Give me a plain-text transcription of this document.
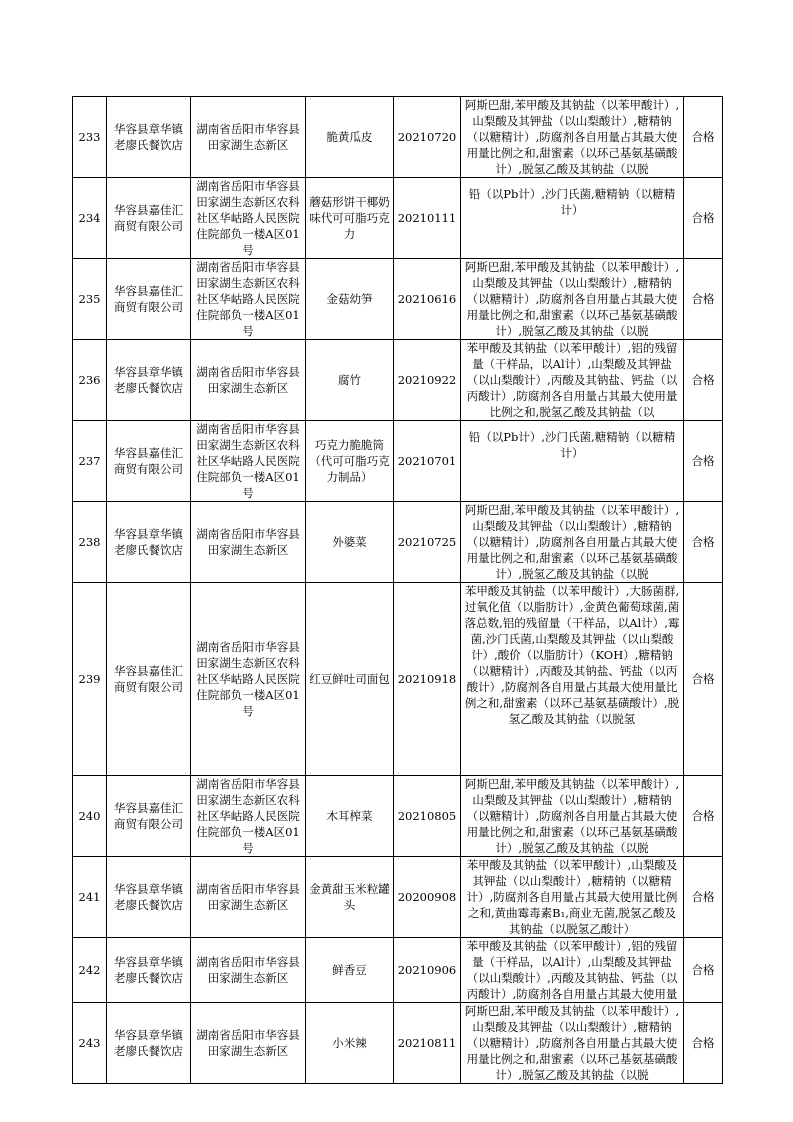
233	华容县章华镇老廖氏餐饮店	湖南省岳阳市华容县田家湖生态新区	脆黄瓜皮	20210720	阿斯巴甜,苯甲酸及其钠盐（以苯甲酸计）,山梨酸及其钾盐（以山梨酸计）,糖精钠（以糖精计）,防腐剂各自用量占其最大使用量比例之和,甜蜜素（以环己基氨基磺酸计）,脱氢乙酸及其钠盐（以脱	合格
234	华容县嘉佳汇商贸有限公司	湖南省岳阳市华容县田家湖生态新区农科社区华岵路人民医院住院部负一楼A区01号	蘑菇形饼干椰奶味代可可脂巧克力	20210111	铅（以Pb计）,沙门氏菌,糖精钠（以糖精计）	合格
235	华容县嘉佳汇商贸有限公司	湖南省岳阳市华容县田家湖生态新区农科社区华岵路人民医院住院部负一楼A区01号	金菇幼笋	20210616	阿斯巴甜,苯甲酸及其钠盐（以苯甲酸计）,山梨酸及其钾盐（以山梨酸计）,糖精钠（以糖精计）,防腐剂各自用量占其最大使用量比例之和,甜蜜素（以环己基氨基磺酸计）,脱氢乙酸及其钠盐（以脱	合格
236	华容县章华镇老廖氏餐饮店	湖南省岳阳市华容县田家湖生态新区	腐竹	20210922	苯甲酸及其钠盐（以苯甲酸计）,铝的残留量（干样品，以Al计）,山梨酸及其钾盐（以山梨酸计）,丙酸及其钠盐、钙盐（以丙酸计）,防腐剂各自用量占其最大使用量比例之和,脱氢乙酸及其钠盐（以	合格
237	华容县嘉佳汇商贸有限公司	湖南省岳阳市华容县田家湖生态新区农科社区华岵路人民医院住院部负一楼A区01号	巧克力脆脆筒（代可可脂巧克力制品）	20210701	铅（以Pb计）,沙门氏菌,糖精钠（以糖精计）	合格
238	华容县章华镇老廖氏餐饮店	湖南省岳阳市华容县田家湖生态新区	外婆菜	20210725	阿斯巴甜,苯甲酸及其钠盐（以苯甲酸计）,山梨酸及其钾盐（以山梨酸计）,糖精钠（以糖精计）,防腐剂各自用量占其最大使用量比例之和,甜蜜素（以环己基氨基磺酸计）,脱氢乙酸及其钠盐（以脱	合格
239	华容县嘉佳汇商贸有限公司	湖南省岳阳市华容县田家湖生态新区农科社区华岵路人民医院住院部负一楼A区01号	红豆鲜吐司面包	20210918	苯甲酸及其钠盐（以苯甲酸计）,大肠菌群,过氧化值（以脂肪计）,金黄色葡萄球菌,菌落总数,铝的残留量（干样品，以Al计）,霉菌,沙门氏菌,山梨酸及其钾盐（以山梨酸计）,酸价（以脂肪计）（KOH）,糖精钠（以糖精计）,丙酸及其钠盐、钙盐（以丙酸计）,防腐剂各自用量占其最大使用量比例之和,甜蜜素（以环己基氨基磺酸计）,脱氢乙酸及其钠盐（以脱氢	合格
240	华容县嘉佳汇商贸有限公司	湖南省岳阳市华容县田家湖生态新区农科社区华岵路人民医院住院部负一楼A区01号	木耳榨菜	20210805	阿斯巴甜,苯甲酸及其钠盐（以苯甲酸计）,山梨酸及其钾盐（以山梨酸计）,糖精钠（以糖精计）,防腐剂各自用量占其最大使用量比例之和,甜蜜素（以环己基氨基磺酸计）,脱氢乙酸及其钠盐（以脱	合格
241	华容县章华镇老廖氏餐饮店	湖南省岳阳市华容县田家湖生态新区	金黄甜玉米粒罐头	20200908	苯甲酸及其钠盐（以苯甲酸计）,山梨酸及其钾盐（以山梨酸计）,糖精钠（以糖精计）,防腐剂各自用量占其最大使用量比例之和,黄曲霉毒素B₁,商业无菌,脱氢乙酸及其钠盐（以脱氢乙酸计）	合格
242	华容县章华镇老廖氏餐饮店	湖南省岳阳市华容县田家湖生态新区	鲜香豆	20210906	苯甲酸及其钠盐（以苯甲酸计）,铝的残留量（干样品，以Al计）,山梨酸及其钾盐（以山梨酸计）,丙酸及其钠盐、钙盐（以丙酸计）,防腐剂各自用量占其最大使用量	合格
243	华容县章华镇老廖氏餐饮店	湖南省岳阳市华容县田家湖生态新区	小米辣	20210811	阿斯巴甜,苯甲酸及其钠盐（以苯甲酸计）,山梨酸及其钾盐（以山梨酸计）,糖精钠（以糖精计）,防腐剂各自用量占其最大使用量比例之和,甜蜜素（以环己基氨基磺酸计）,脱氢乙酸及其钠盐（以脱	合格
